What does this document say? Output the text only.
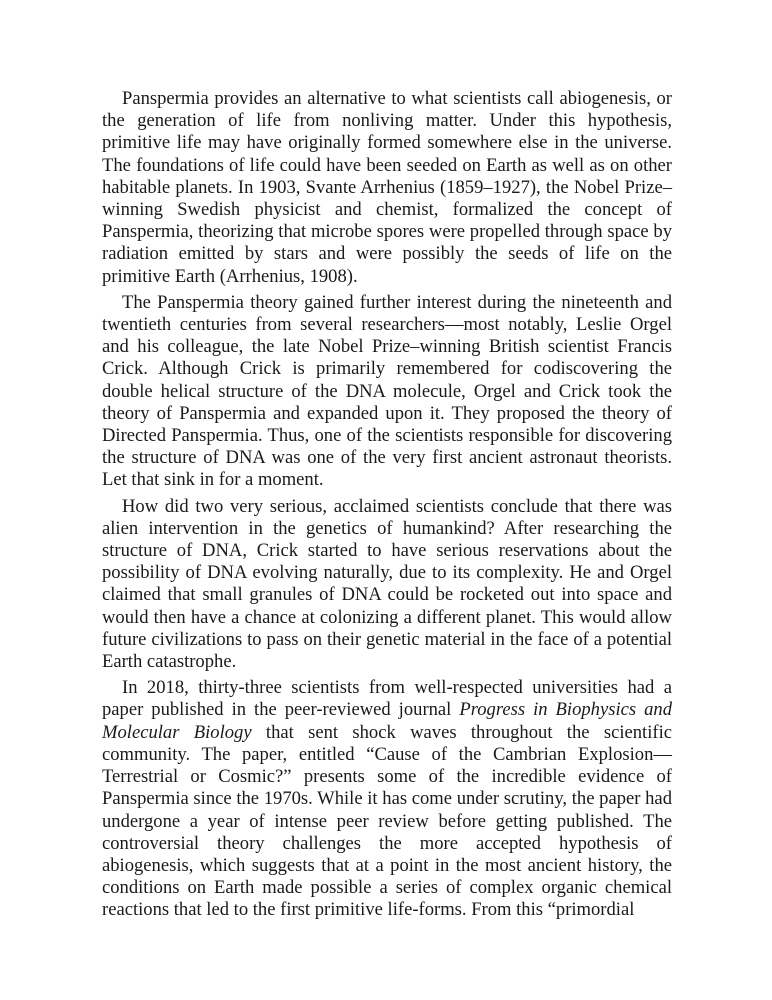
Panspermia provides an alternative to what scientists call abiogenesis, or the generation of life from nonliving matter. Under this hypothesis, primitive life may have originally formed somewhere else in the universe. The foundations of life could have been seeded on Earth as well as on other habitable planets. In 1903, Svante Arrhenius (1859–1927), the Nobel Prize–winning Swedish physicist and chemist, formalized the concept of Panspermia, theorizing that microbe spores were propelled through space by radiation emitted by stars and were possibly the seeds of life on the primitive Earth (Arrhenius, 1908).

The Panspermia theory gained further interest during the nineteenth and twentieth centuries from several researchers—most notably, Leslie Orgel and his colleague, the late Nobel Prize–winning British scientist Francis Crick. Although Crick is primarily remembered for codiscovering the double helical structure of the DNA molecule, Orgel and Crick took the theory of Panspermia and expanded upon it. They proposed the theory of Directed Panspermia. Thus, one of the scientists responsible for discovering the structure of DNA was one of the very first ancient astronaut theorists. Let that sink in for a moment.

How did two very serious, acclaimed scientists conclude that there was alien intervention in the genetics of humankind? After researching the structure of DNA, Crick started to have serious reservations about the possibility of DNA evolving naturally, due to its complexity. He and Orgel claimed that small granules of DNA could be rocketed out into space and would then have a chance at colonizing a different planet. This would allow future civilizations to pass on their genetic material in the face of a potential Earth catastrophe.

In 2018, thirty-three scientists from well-respected universities had a paper published in the peer-reviewed journal Progress in Biophysics and Molecular Biology that sent shock waves throughout the scientific community. The paper, entitled “Cause of the Cambrian Explosion—Terrestrial or Cosmic?” presents some of the incredible evidence of Panspermia since the 1970s. While it has come under scrutiny, the paper had undergone a year of intense peer review before getting published. The controversial theory challenges the more accepted hypothesis of abiogenesis, which suggests that at a point in the most ancient history, the conditions on Earth made possible a series of complex organic chemical reactions that led to the first primitive life-forms. From this “primordial
